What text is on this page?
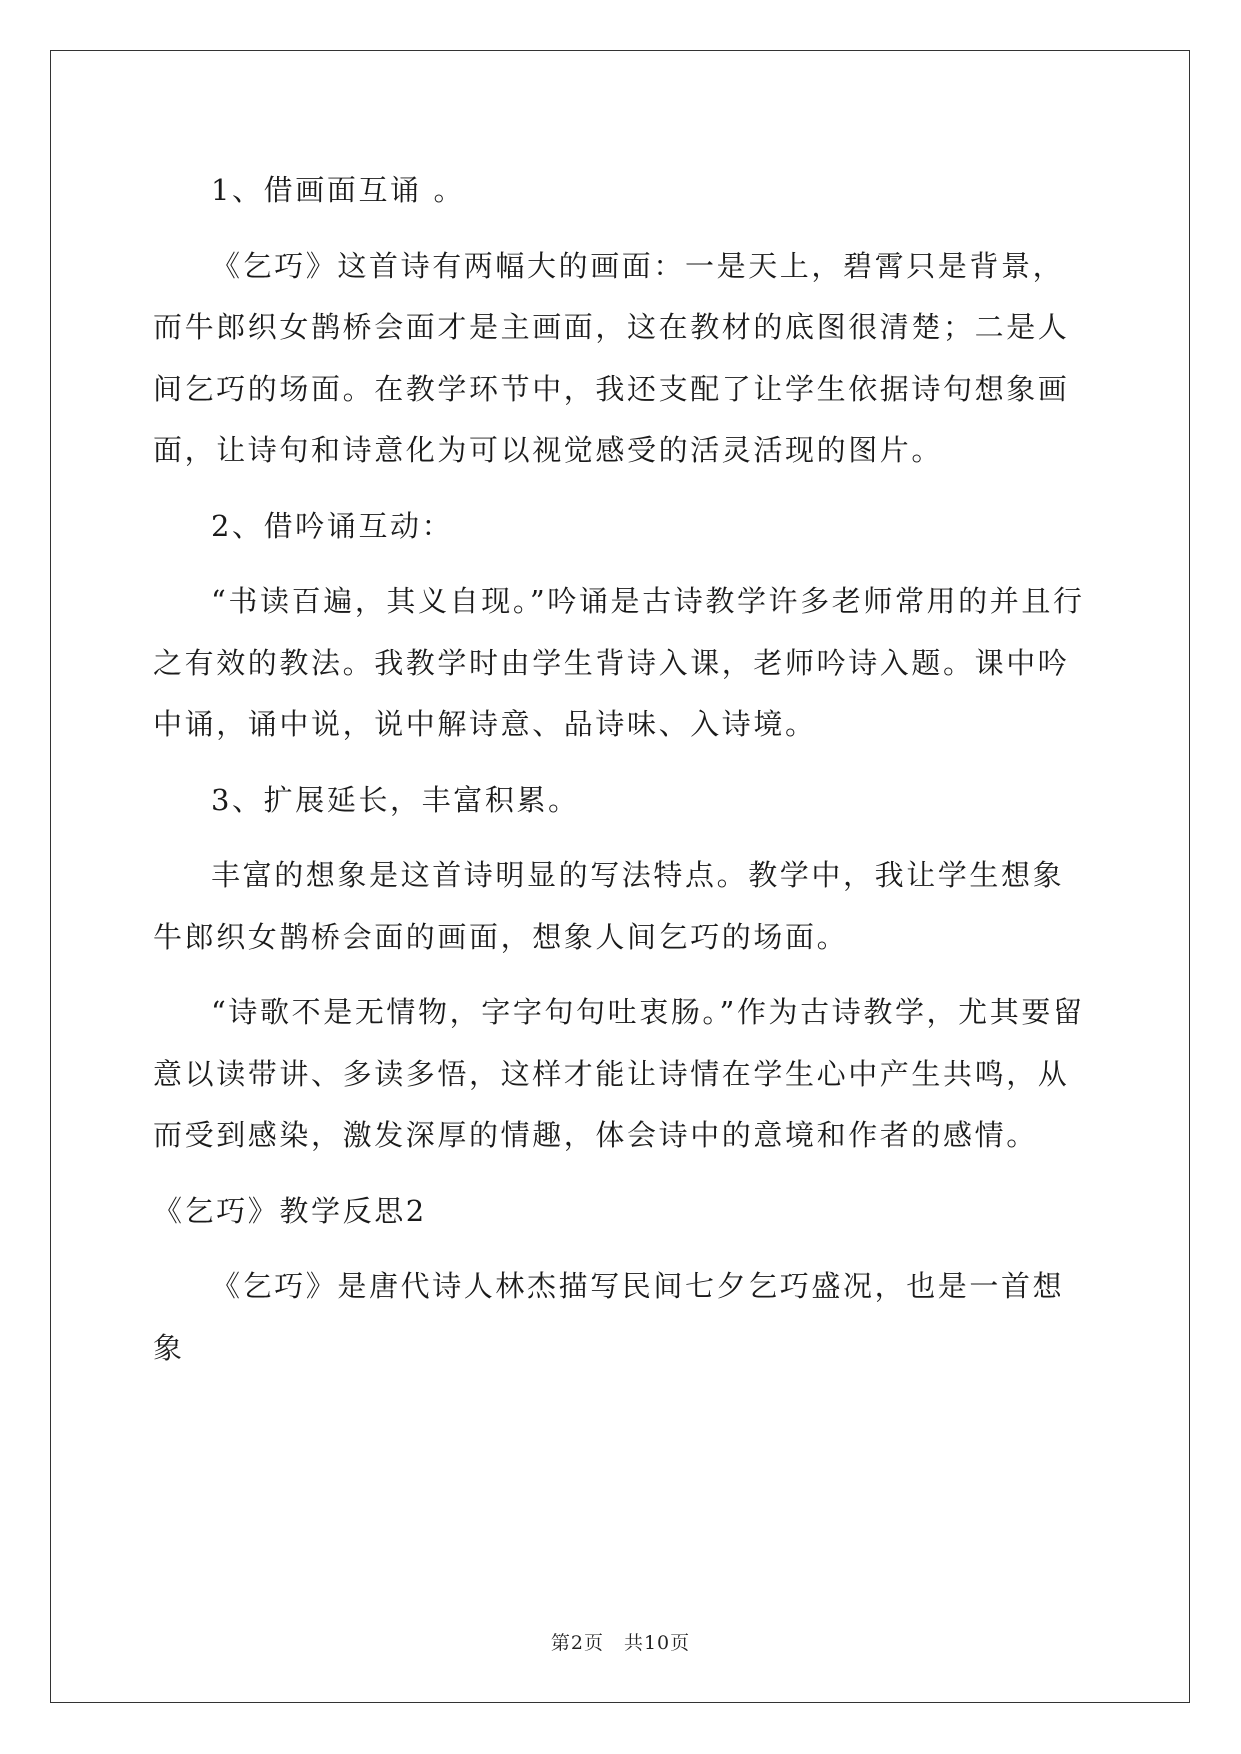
1、借画面互诵 。

《乞巧》这首诗有两幅大的画面：一是天上，碧霄只是背景，而牛郎织女鹊桥会面才是主画面，这在教材的底图很清楚；二是人间乞巧的场面。在教学环节中，我还支配了让学生依据诗句想象画面，让诗句和诗意化为可以视觉感受的活灵活现的图片。

2、借吟诵互动：

“书读百遍，其义自现。”吟诵是古诗教学许多老师常用的并且行之有效的教法。我教学时由学生背诗入课，老师吟诗入题。课中吟中诵，诵中说，说中解诗意、品诗味、入诗境。

3、扩展延长，丰富积累。

丰富的想象是这首诗明显的写法特点。教学中，我让学生想象牛郎织女鹊桥会面的画面，想象人间乞巧的场面。

“诗歌不是无情物，字字句句吐衷肠。”作为古诗教学，尤其要留意以读带讲、多读多悟，这样才能让诗情在学生心中产生共鸣，从而受到感染，激发深厚的情趣，体会诗中的意境和作者的感情。

《乞巧》教学反思2

《乞巧》是唐代诗人林杰描写民间七夕乞巧盛况，也是一首想象

第2页　共10页
